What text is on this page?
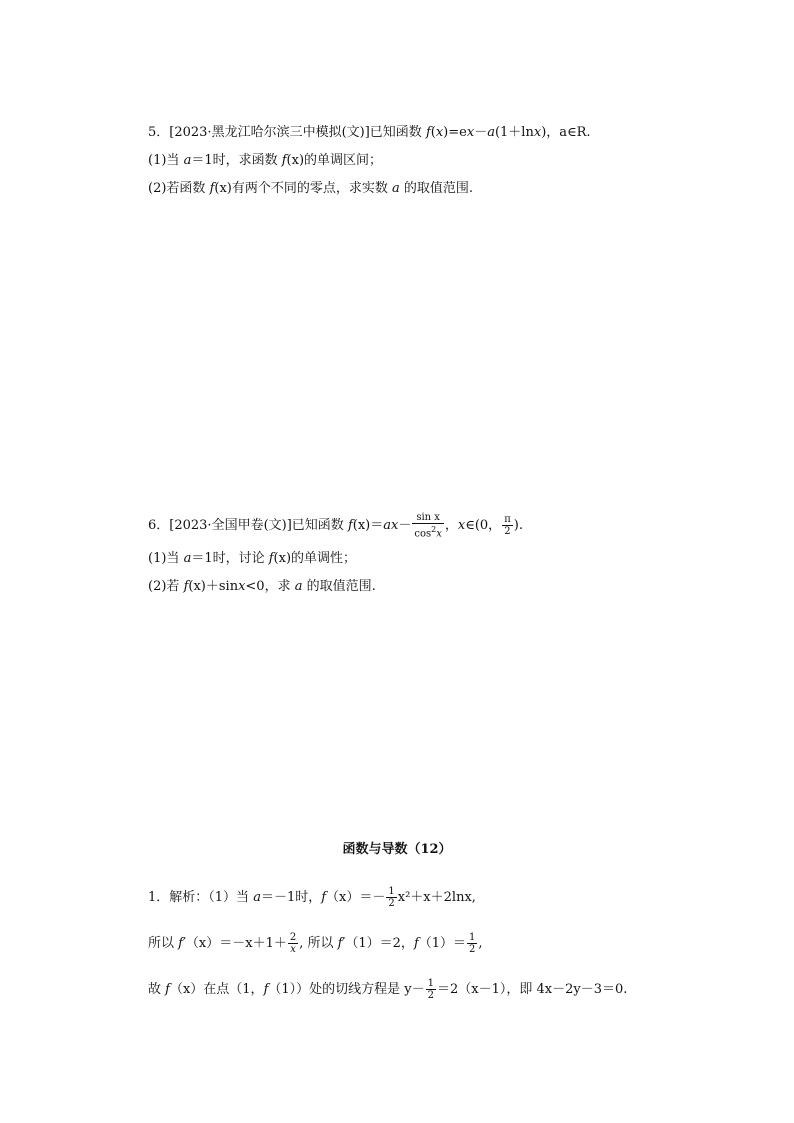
5．[2023·黑龙江哈尔滨三中模拟(文)]已知函数 f(x)=ex－a(1＋lnx)，a∈R.
(1)当 a＝1时，求函数 f(x)的单调区间；
(2)若函数 f(x)有两个不同的零点，求实数 a 的取值范围.
6．[2023·全国甲卷(文)]已知函数 $f(x)=ax- \frac{\text{sin x}}{\cos^2x}$ ，x∈(0， $\frac{\pi}{2}$ ).
(1)当 a＝1时，讨论 f(x)的单调性；
(2)若 f(x)＋sinx<0，求 a 的取值范围.
函数与导数（12）
1．解析：（1）当 a＝－1时，$f(x)=- \frac{1}{2} x^2+x+2\ln x$,
所以 $f'(x)=-x+1+ \frac{2}{x}$ , 所以 f′（1）＝2，$f(1)= \frac{1}{2}$ ,
故 f（x）在点（1，f（1））处的切线方程是 $y- \frac{1}{2} =2(x-1)$，即 4x－2y－3＝0.
